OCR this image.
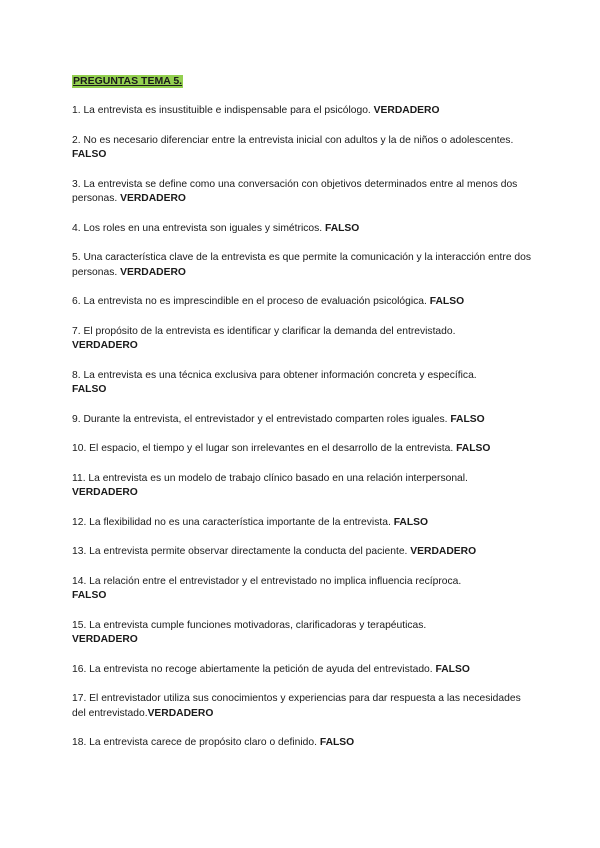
PREGUNTAS TEMA 5.

1. La entrevista es insustituible e indispensable para el psicólogo. VERDADERO

2. No es necesario diferenciar entre la entrevista inicial con adultos y la de niños o adolescentes. FALSO

3. La entrevista se define como una conversación con objetivos determinados entre al menos dos personas. VERDADERO

4. Los roles en una entrevista son iguales y simétricos. FALSO

5. Una característica clave de la entrevista es que permite la comunicación y la interacción entre dos personas. VERDADERO

6. La entrevista no es imprescindible en el proceso de evaluación psicológica. FALSO

7. El propósito de la entrevista es identificar y clarificar la demanda del entrevistado.
VERDADERO

8. La entrevista es una técnica exclusiva para obtener información concreta y específica.
FALSO

9. Durante la entrevista, el entrevistador y el entrevistado comparten roles iguales. FALSO

10. El espacio, el tiempo y el lugar son irrelevantes en el desarrollo de la entrevista. FALSO

11. La entrevista es un modelo de trabajo clínico basado en una relación interpersonal.
VERDADERO

12. La flexibilidad no es una característica importante de la entrevista. FALSO

13. La entrevista permite observar directamente la conducta del paciente. VERDADERO

14. La relación entre el entrevistador y el entrevistado no implica influencia recíproca.
FALSO

15. La entrevista cumple funciones motivadoras, clarificadoras y terapéuticas.
VERDADERO

16. La entrevista no recoge abiertamente la petición de ayuda del entrevistado. FALSO

17. El entrevistador utiliza sus conocimientos y experiencias para dar respuesta a las necesidades del entrevistado.VERDADERO

18. La entrevista carece de propósito claro o definido. FALSO
